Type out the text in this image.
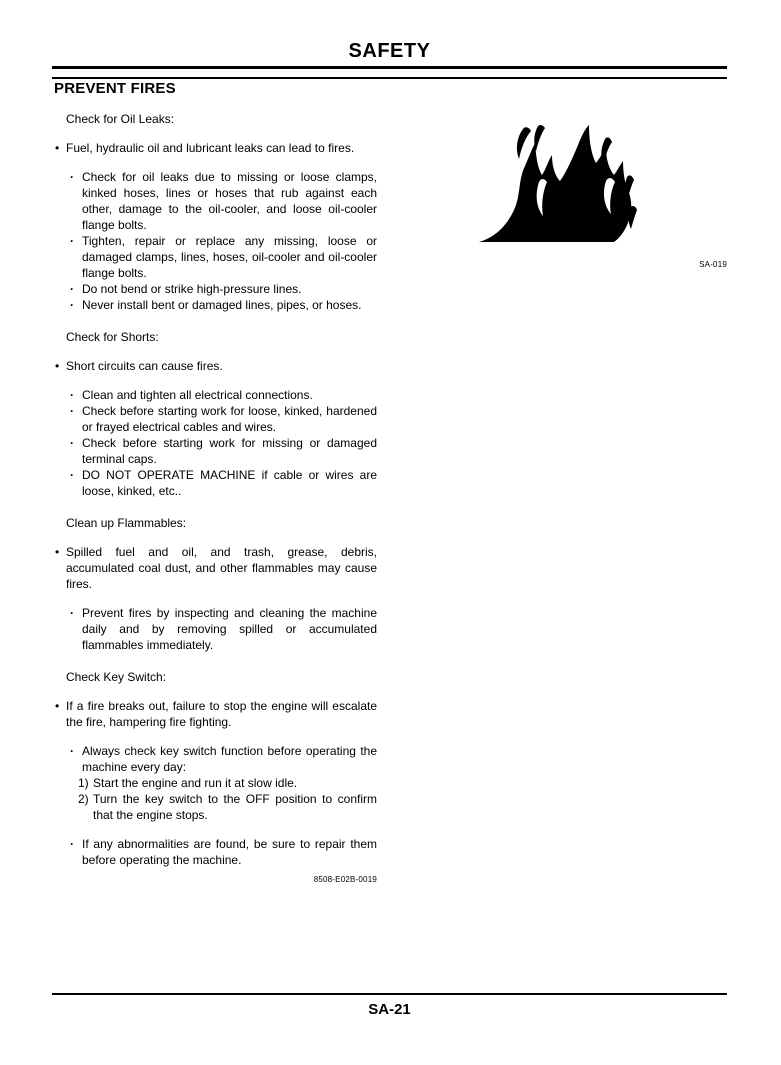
SAFETY
PREVENT FIRES
Check for Oil Leaks:
• Fuel, hydraulic oil and lubricant leaks can lead to fires.
· Check for oil leaks due to missing or loose clamps, kinked hoses, lines or hoses that rub against each other, damage to the oil-cooler, and loose oil-cooler flange bolts.
· Tighten, repair or replace any missing, loose or damaged clamps, lines, hoses, oil-cooler and oil-cooler flange bolts.
· Do not bend or strike high-pressure lines.
· Never install bent or damaged lines, pipes, or hoses.
Check for Shorts:
• Short circuits can cause fires.
· Clean and tighten all electrical connections.
· Check before starting work for loose, kinked, hardened or frayed electrical cables and wires.
· Check before starting work for missing or damaged terminal caps.
· DO NOT OPERATE MACHINE if cable or wires are loose, kinked, etc..
Clean up Flammables:
• Spilled fuel and oil, and trash, grease, debris, accumulated coal dust, and other flammables may cause fires.
· Prevent fires by inspecting and cleaning the machine daily and by removing spilled or accumulated flammables immediately.
Check Key Switch:
• If a fire breaks out, failure to stop the engine will escalate the fire, hampering fire fighting.
· Always check key switch function before operating the machine every day:
1) Start the engine and run it at slow idle.
2) Turn the key switch to the OFF position to confirm that the engine stops.
· If any abnormalities are found, be sure to repair them before operating the machine.
8508-E02B-0019
SA-019
SA-21
